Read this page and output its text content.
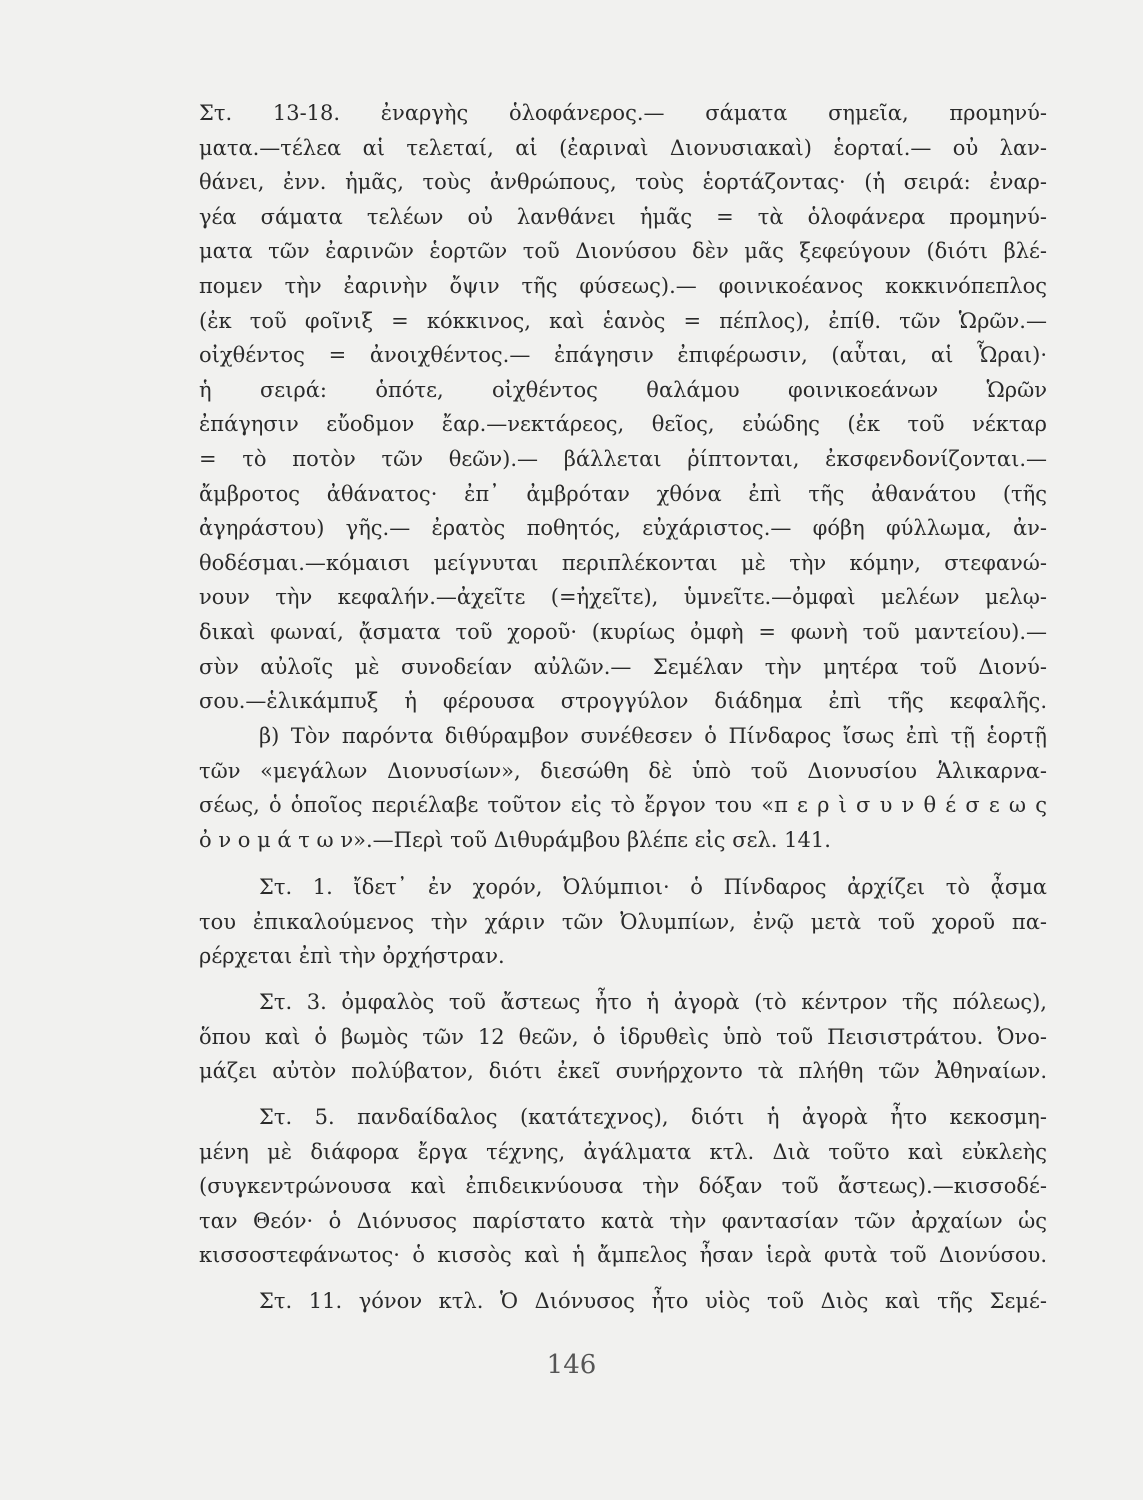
Στ. 13-18. ἐναργὴς ὁλοφάνερος.— σάματα σημεῖα, προμηνύ-
ματα.—τέλεα αἱ τελεταί, αἱ (ἐαριναὶ Διονυσιακαὶ) ἑορταί.— οὐ λαν-
θάνει, ἐνν. ἡμᾶς, τοὺς ἀνθρώπους, τοὺς ἑορτάζοντας· (ἡ σειρά: ἐναρ-
γέα σάματα τελέων οὐ λανθάνει ἡμᾶς = τὰ ὁλοφάνερα προμηνύ-
ματα τῶν ἐαρινῶν ἑορτῶν τοῦ Διονύσου δὲν μᾶς ξεφεύγουν (διότι βλέ-
πομεν τὴν ἐαρινὴν ὄψιν τῆς φύσεως).— φοινικοέανος κοκκινόπεπλος
(ἐκ τοῦ φοῖνιξ = κόκκινος, καὶ ἑανὸς = πέπλος), ἐπίθ. τῶν Ὡρῶν.—
οἰχθέντος = ἀνοιχθέντος.— ἐπάγησιν ἐπιφέρωσιν, (αὗται, αἱ Ὧραι)·
ἡ σειρά: ὁπότε, οἰχθέντος θαλάμου φοινικοεάνων Ὡρῶν
ἐπάγησιν εὔοδμον ἔαρ.—νεκτάρεος, θεῖος, εὐώδης (ἐκ τοῦ νέκταρ
= τὸ ποτὸν τῶν θεῶν).— βάλλεται ῥίπτονται, ἐκσφενδονίζονται.—
ἄμβροτος ἀθάνατος· ἐπ᾽ ἀμβρόταν χθόνα ἐπὶ τῆς ἀθανάτου (τῆς
ἀγηράστου) γῆς.— ἐρατὸς ποθητός, εὐχάριστος.— φόβη φύλλωμα, ἀν-
θοδέσμαι.—κόμαισι μείγνυται περιπλέκονται μὲ τὴν κόμην, στεφανώ-
νουν τὴν κεφαλήν.—ἀχεῖτε (=ἠχεῖτε), ὑμνεῖτε.—ὀμφαὶ μελέων μελῳ-
δικαὶ φωναί, ᾄσματα τοῦ χοροῦ· (κυρίως ὀμφὴ = φωνὴ τοῦ μαντείου).—
σὺν αὐλοῖς μὲ συνοδείαν αὐλῶν.— Σεμέλαν τὴν μητέρα τοῦ Διονύ-
σου.—ἑλικάμπυξ ἡ φέρουσα στρογγύλον διάδημα ἐπὶ τῆς κεφαλῆς.
β) Τὸν παρόντα διθύραμβον συνέθεσεν ὁ Πίνδαρος ἴσως ἐπὶ τῇ ἑορτῇ
τῶν «μεγάλων Διονυσίων», διεσώθη δὲ ὑπὸ τοῦ Διονυσίου Ἁλικαρνα-
σέως, ὁ ὁποῖος περιέλαβε τοῦτον εἰς τὸ ἔργον του «π ε ρ ὶ σ υ ν θ έ σ ε ω ς
ὀ ν ο μ ά τ ω ν».—Περὶ τοῦ Διθυράμβου βλέπε εἰς σελ. 141.
Στ. 1. ἴδετ᾽ ἐν χορόν, Ὀλύμπιοι· ὁ Πίνδαρος ἀρχίζει τὸ ᾆσμα
του ἐπικαλούμενος τὴν χάριν τῶν Ὀλυμπίων, ἐνῷ μετὰ τοῦ χοροῦ πα-
ρέρχεται ἐπὶ τὴν ὀρχήστραν.
Στ. 3. ὀμφαλὸς τοῦ ἄστεως ἦτο ἡ ἀγορὰ (τὸ κέντρον τῆς πόλεως),
ὅπου καὶ ὁ βωμὸς τῶν 12 θεῶν, ὁ ἱδρυθεὶς ὑπὸ τοῦ Πεισιστράτου. Ὀνο-
μάζει αὐτὸν πολύβατον, διότι ἐκεῖ συνήρχοντο τὰ πλήθη τῶν Ἀθηναίων.
Στ. 5. πανδαίδαλος (κατάτεχνος), διότι ἡ ἀγορὰ ἦτο κεκοσμη-
μένη μὲ διάφορα ἔργα τέχνης, ἀγάλματα κτλ. Διὰ τοῦτο καὶ εὐκλεὴς
(συγκεντρώνουσα καὶ ἐπιδεικνύουσα τὴν δόξαν τοῦ ἄστεως).—κισσοδέ-
ταν Θεόν· ὁ Διόνυσος παρίστατο κατὰ τὴν φαντασίαν τῶν ἀρχαίων ὡς
κισσοστεφάνωτος· ὁ κισσὸς καὶ ἡ ἄμπελος ἦσαν ἱερὰ φυτὰ τοῦ Διονύσου.
Στ. 11. γόνον κτλ. Ὁ Διόνυσος ἦτο υἱὸς τοῦ Διὸς καὶ τῆς Σεμέ-
146
